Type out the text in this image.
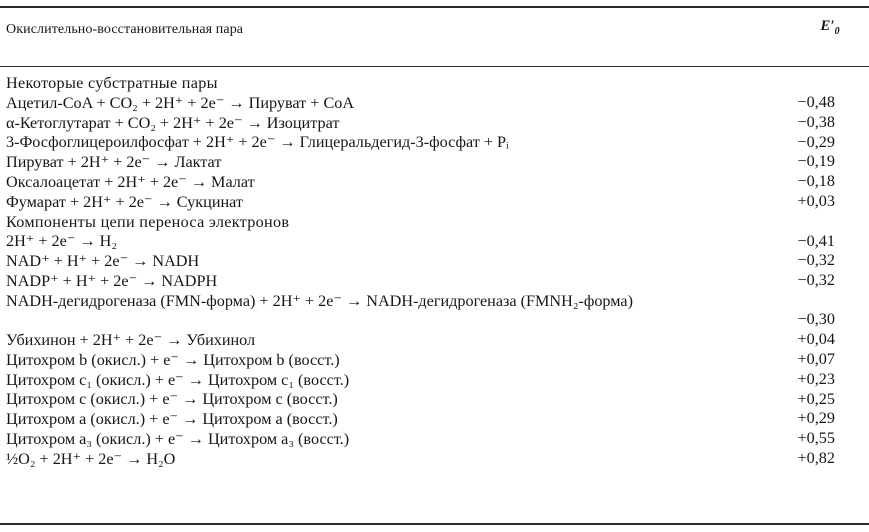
Окислительно-восстановительная пара	$E'_0$
Некоторые субстратные пары
Ацетил-CoA + CO₂ + 2H⁺ + 2e⁻ → Пируват + CoA	−0,48
α-Кетоглутарат + CO₂ + 2H⁺ + 2e⁻ → Изоцитрат	−0,38
3-Фосфоглицероилфосфат + 2H⁺ + 2e⁻ → Глицеральдегид-3-фосфат + Pᵢ	−0,29
Пируват + 2H⁺ + 2e⁻ → Лактат	−0,19
Оксалоацетат + 2H⁺ + 2e⁻ → Малат	−0,18
Фумарат + 2H⁺ + 2e⁻ → Сукцинат	+0,03
Компоненты цепи переноса электронов
2H⁺ + 2e⁻ → H₂	−0,41
NAD⁺ + H⁺ + 2e⁻ → NADH	−0,32
NADP⁺ + H⁺ + 2e⁻ → NADPH	−0,32
NADH-дегидрогеназа (FMN-форма) + 2H⁺ + 2e⁻ → NADH-дегидрогеназа (FMNH₂-форма)
−0,30
Убихинон + 2H⁺ + 2e⁻ → Убихинол	+0,04
Цитохром b (окисл.) + e⁻ → Цитохром b (восст.)	+0,07
Цитохром c₁ (окисл.) + e⁻ → Цитохром c₁ (восст.)	+0,23
Цитохром c (окисл.) + e⁻ → Цитохром c (восст.)	+0,25
Цитохром a (окисл.) + e⁻ → Цитохром a (восст.)	+0,29
Цитохром a₃ (окисл.) + e⁻ → Цитохром a₃ (восст.)	+0,55
½O₂ + 2H⁺ + 2e⁻ → H₂O	+0,82
